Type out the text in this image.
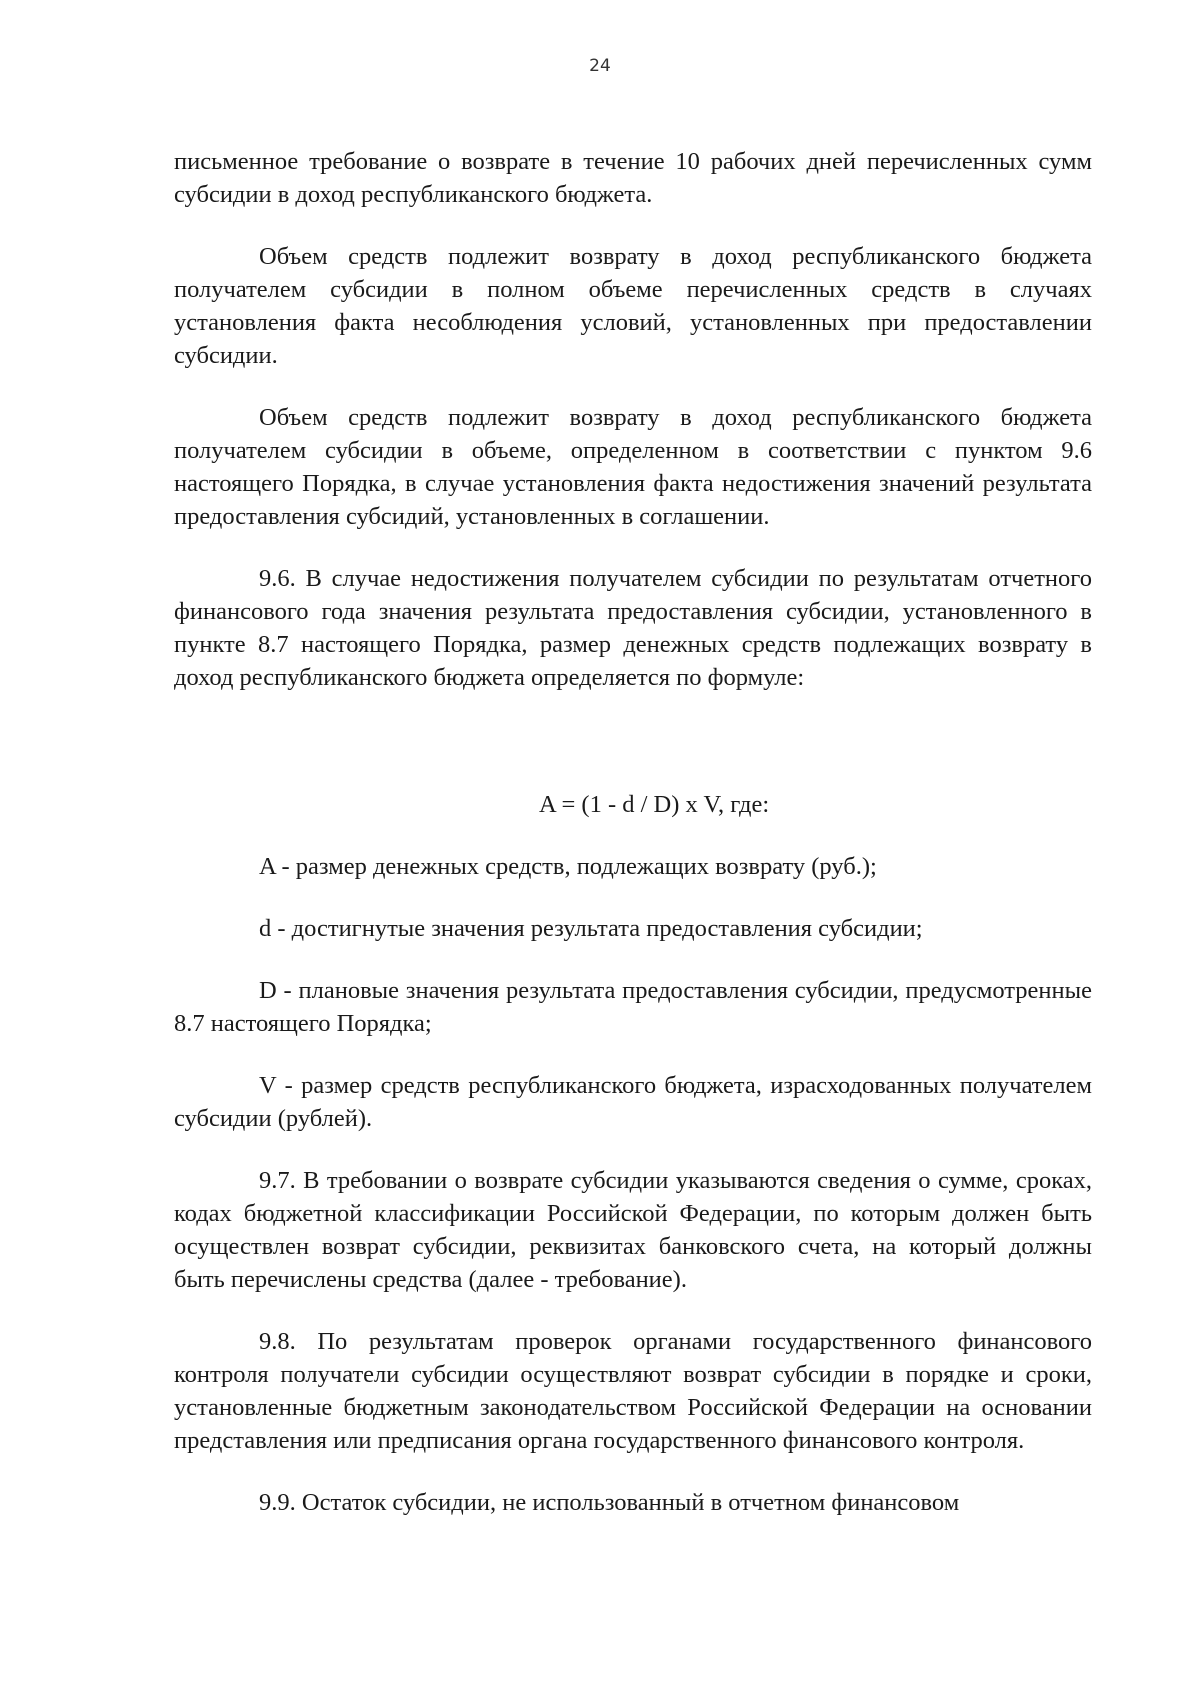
24

письменное требование о возврате в течение 10 рабочих дней перечисленных сумм субсидии в доход республиканского бюджета.

Объем средств подлежит возврату в доход республиканского бюджета получателем субсидии в полном объеме перечисленных средств в случаях установления факта несоблюдения условий, установленных при предоставлении субсидии.

Объем средств подлежит возврату в доход республиканского бюджета получателем субсидии в объеме, определенном в соответствии с пунктом 9.6 настоящего Порядка, в случае установления факта недостижения значений результата предоставления субсидий, установленных в соглашении.

9.6. В случае недостижения получателем субсидии по результатам отчетного финансового года значения результата предоставления субсидии, установленного в пункте 8.7 настоящего Порядка, размер денежных средств подлежащих возврату в доход республиканского бюджета определяется по формуле:

A = (1 - d / D) x V, где:

A - размер денежных средств, подлежащих возврату (руб.);

d - достигнутые значения результата предоставления субсидии;

D - плановые значения результата предоставления субсидии, предусмотренные 8.7 настоящего Порядка;

V - размер средств республиканского бюджета, израсходованных получателем субсидии (рублей).

9.7. В требовании о возврате субсидии указываются сведения о сумме, сроках, кодах бюджетной классификации Российской Федерации, по которым должен быть осуществлен возврат субсидии, реквизитах банковского счета, на который должны быть перечислены средства (далее - требование).

9.8. По результатам проверок органами государственного финансового контроля получатели субсидии осуществляют возврат субсидии в порядке и сроки, установленные бюджетным законодательством Российской Федерации на основании представления или предписания органа государственного финансового контроля.

9.9. Остаток субсидии, не использованный в отчетном финансовом
